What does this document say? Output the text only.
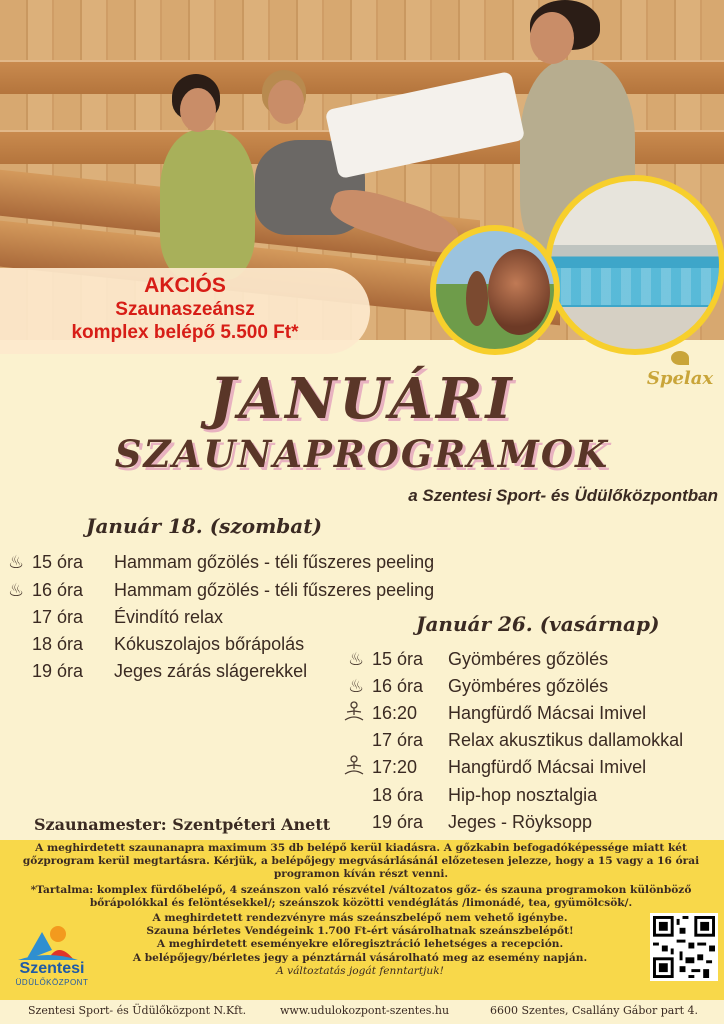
AKCIÓS
Szaunaszeánsz
komplex belépő 5.500 Ft*
Spelax
JANUÁRI
SZAUNAPROGRAMOK
a Szentesi Sport- és Üdülőközpontban
Január 18. (szombat)
♨ 15 óra Hammam gőzölés - téli fűszeres peeling
♨ 16 óra Hammam gőzölés - téli fűszeres peeling
17 óra Évindító relax
18 óra Kókuszolajos bőrápolás
19 óra Jeges zárás slágerekkel
Január 26. (vasárnap)
♨ 15 óra Gyömbéres gőzölés
♨ 16 óra Gyömbéres gőzölés
16:20 Hangfürdő Mácsai Imivel
17 óra Relax akusztikus dallamokkal
17:20 Hangfürdő Mácsai Imivel
18 óra Hip-hop nosztalgia
19 óra Jeges - Röyksopp
Szaunamester: Szentpéteri Anett

A meghirdetett szaunanapra maximum 35 db belépő kerül kiadásra. A gőzkabin befogadóképessége miatt két gőzprogram kerül megtartásra. Kérjük, a belépőjegy megvásárlásánál előzetesen jelezze, hogy a 15 vagy a 16 órai programon kíván részt venni.

*Tartalma: komplex fürdőbelépő, 4 szeánszon való részvétel /változatos gőz- és szauna programokon különböző bőrápolókkal és felöntésekkel/; szeánszok közötti vendéglátás /limonádé, tea, gyümölcsök/.

A meghirdetett rendezvényre más szeánszbelépő nem vehető igénybe.

Szauna bérletes Vendégeink 1.700 Ft-ért vásárolhatnak szeánszbelépőt!

A meghirdetett eseményekre előregisztráció lehetséges a recepción.

A belépőjegy/bérletes jegy a pénztárnál vásárolható meg az esemény napján.

A változtatás jogát fenntartjuk!

Szentesi
ÜDÜLŐKÖZPONT
Szentesi Sport- és Üdülőközpont N.Kft.	www.udulokozpont-szentes.hu	6600 Szentes, Csallány Gábor part 4.
